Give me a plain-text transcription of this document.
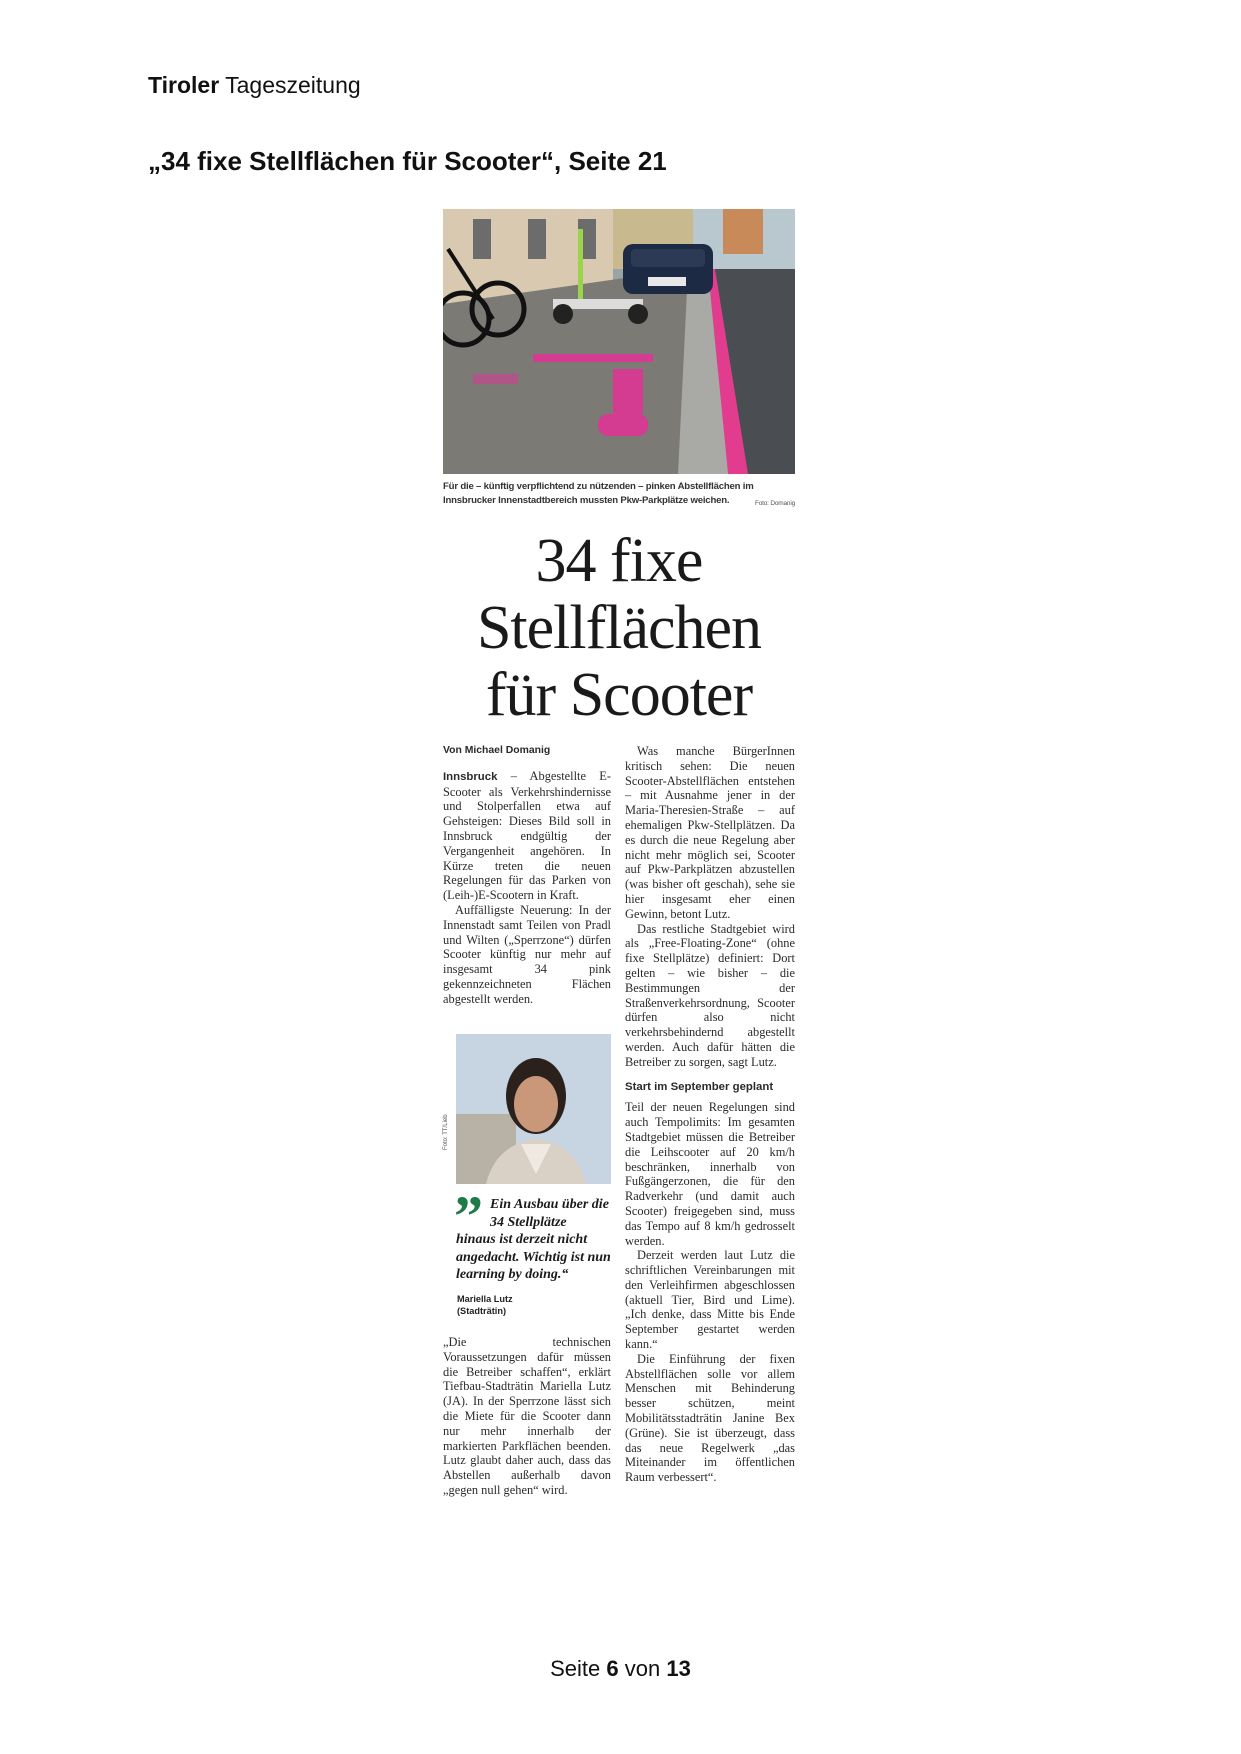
Tiroler Tageszeitung
„34 fixe Stellflächen für Scooter“, Seite 21
Für die – künftig verpflichtend zu nützenden – pinken Abstellflächen im Innsbrucker Innenstadtbereich mussten Pkw-Parkplätze weichen.	Foto: Domanig
34 fixe
Stellflächen
für Scooter

Von Michael Domanig

Innsbruck – Abgestellte E-Scooter als Verkehrshindernisse und Stolperfallen etwa auf Gehsteigen: Dieses Bild soll in Innsbruck endgültig der Vergangenheit angehören. In Kürze treten die neuen Regelungen für das Parken von (Leih-)E-Scootern in Kraft.

Auffälligste Neuerung: In der Innenstadt samt Teilen von Pradl und Wilten („Sperrzone“) dürfen Scooter künftig nur mehr auf insgesamt 34 pink gekennzeichneten Flächen abgestellt werden.

Foto: TT/Lieb
” Ein Ausbau über die 34 Stellplätze
hinaus ist derzeit nicht angedacht. Wichtig ist nun learning by doing.“
Mariella Lutz
(Stadträtin)

„Die technischen Voraussetzungen dafür müssen die Betreiber schaffen“, erklärt Tiefbau-Stadträtin Mariella Lutz (JA). In der Sperrzone lässt sich die Miete für die Scooter dann nur mehr innerhalb der markierten Parkflächen beenden. Lutz glaubt daher auch, dass das Abstellen außerhalb davon „gegen null gehen“ wird.

Was manche BürgerInnen kritisch sehen: Die neuen Scooter-Abstellflächen entstehen – mit Ausnahme jener in der Maria-Theresien-Straße – auf ehemaligen Pkw-Stellplätzen. Da es durch die neue Regelung aber nicht mehr möglich sei, Scooter auf Pkw-Parkplätzen abzustellen (was bisher oft geschah), sehe sie hier insgesamt eher einen Gewinn, betont Lutz.

Das restliche Stadtgebiet wird als „Free-Floating-Zone“ (ohne fixe Stellplätze) definiert: Dort gelten – wie bisher – die Bestimmungen der Straßenverkehrsordnung, Scooter dürfen also nicht verkehrsbehindernd abgestellt werden. Auch dafür hätten die Betreiber zu sorgen, sagt Lutz.

Start im September geplant

Teil der neuen Regelungen sind auch Tempolimits: Im gesamten Stadtgebiet müssen die Betreiber die Leihscooter auf 20 km/h beschränken, innerhalb von Fußgängerzonen, die für den Radverkehr (und damit auch Scooter) freigegeben sind, muss das Tempo auf 8 km/h gedrosselt werden.

Derzeit werden laut Lutz die schriftlichen Vereinbarungen mit den Verleihfirmen abgeschlossen (aktuell Tier, Bird und Lime). „Ich denke, dass Mitte bis Ende September gestartet werden kann.“

Die Einführung der fixen Abstellflächen solle vor allem Menschen mit Behinderung besser schützen, meint Mobilitätsstadträtin Janine Bex (Grüne). Sie ist überzeugt, dass das neue Regelwerk „das Miteinander im öffentlichen Raum verbessert“.

Seite 6 von 13
